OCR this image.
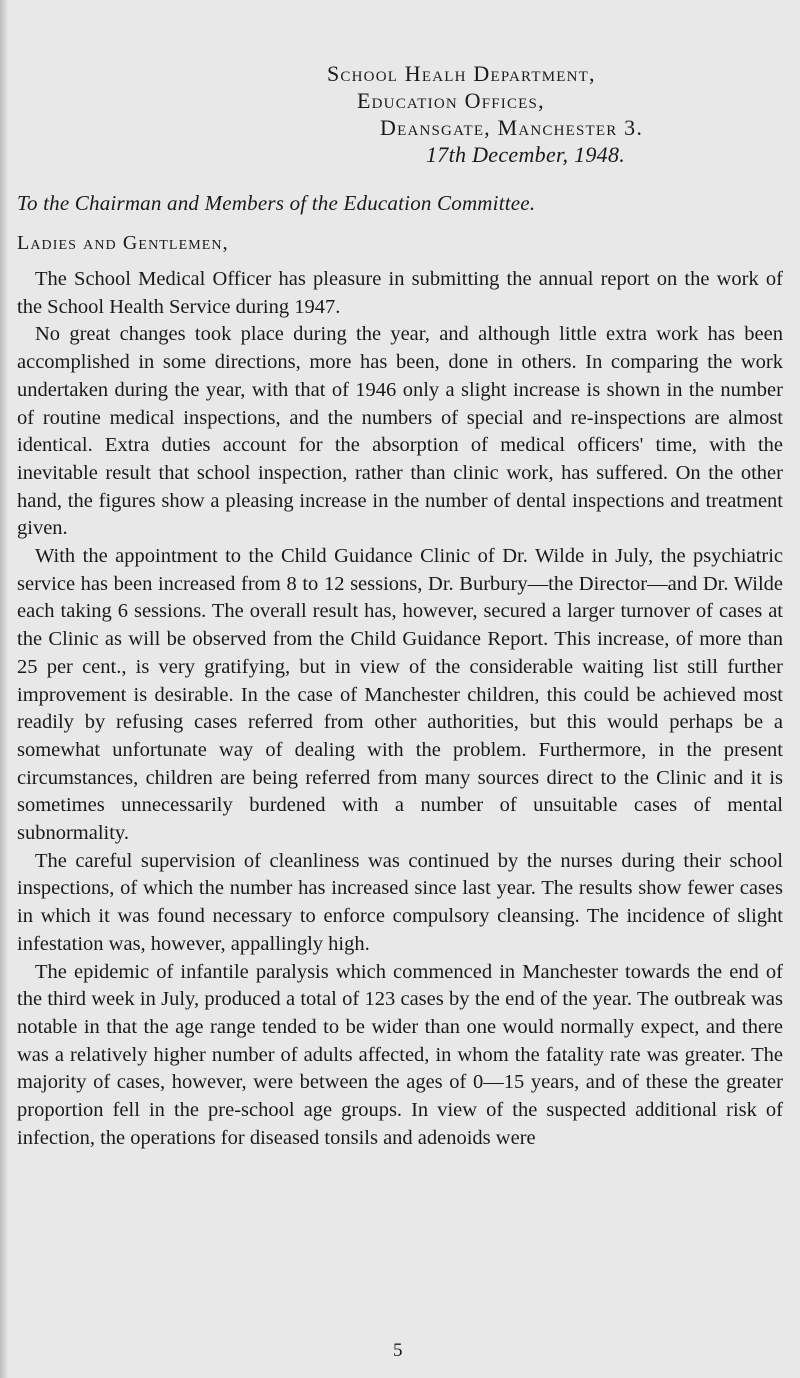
School Healh Department,
Education Offices,
Deansgate, Manchester 3.
17th December, 1948.
To the Chairman and Members of the Education Committee.
Ladies and Gentlemen,

The School Medical Officer has pleasure in submitting the annual report on the work of the School Health Service during 1947.

No great changes took place during the year, and although little extra work has been accomplished in some directions, more has been, done in others. In comparing the work undertaken during the year, with that of 1946 only a slight increase is shown in the number of routine medical inspections, and the numbers of special and re-inspections are almost identical. Extra duties account for the absorption of medical officers' time, with the inevitable result that school inspection, rather than clinic work, has suffered. On the other hand, the figures show a pleasing increase in the number of dental inspections and treatment given.

With the appointment to the Child Guidance Clinic of Dr. Wilde in July, the psychiatric service has been increased from 8 to 12 sessions, Dr. Burbury—the Director—and Dr. Wilde each taking 6 sessions. The overall result has, however, secured a larger turnover of cases at the Clinic as will be observed from the Child Guidance Report. This increase, of more than 25 per cent., is very gratifying, but in view of the considerable waiting list still further improvement is desirable. In the case of Manchester children, this could be achieved most readily by refusing cases referred from other authorities, but this would perhaps be a somewhat unfortunate way of dealing with the problem. Furthermore, in the present circumstances, children are being referred from many sources direct to the Clinic and it is sometimes unnecessarily burdened with a number of unsuitable cases of mental subnormality.

The careful supervision of cleanliness was continued by the nurses during their school inspections, of which the number has increased since last year. The results show fewer cases in which it was found necessary to enforce compulsory cleansing. The incidence of slight infestation was, however, appallingly high.

The epidemic of infantile paralysis which commenced in Manchester towards the end of the third week in July, produced a total of 123 cases by the end of the year. The outbreak was notable in that the age range tended to be wider than one would normally expect, and there was a relatively higher number of adults affected, in whom the fatality rate was greater. The majority of cases, however, were between the ages of 0—15 years, and of these the greater proportion fell in the pre-school age groups. In view of the suspected additional risk of infection, the operations for diseased tonsils and adenoids were

5
